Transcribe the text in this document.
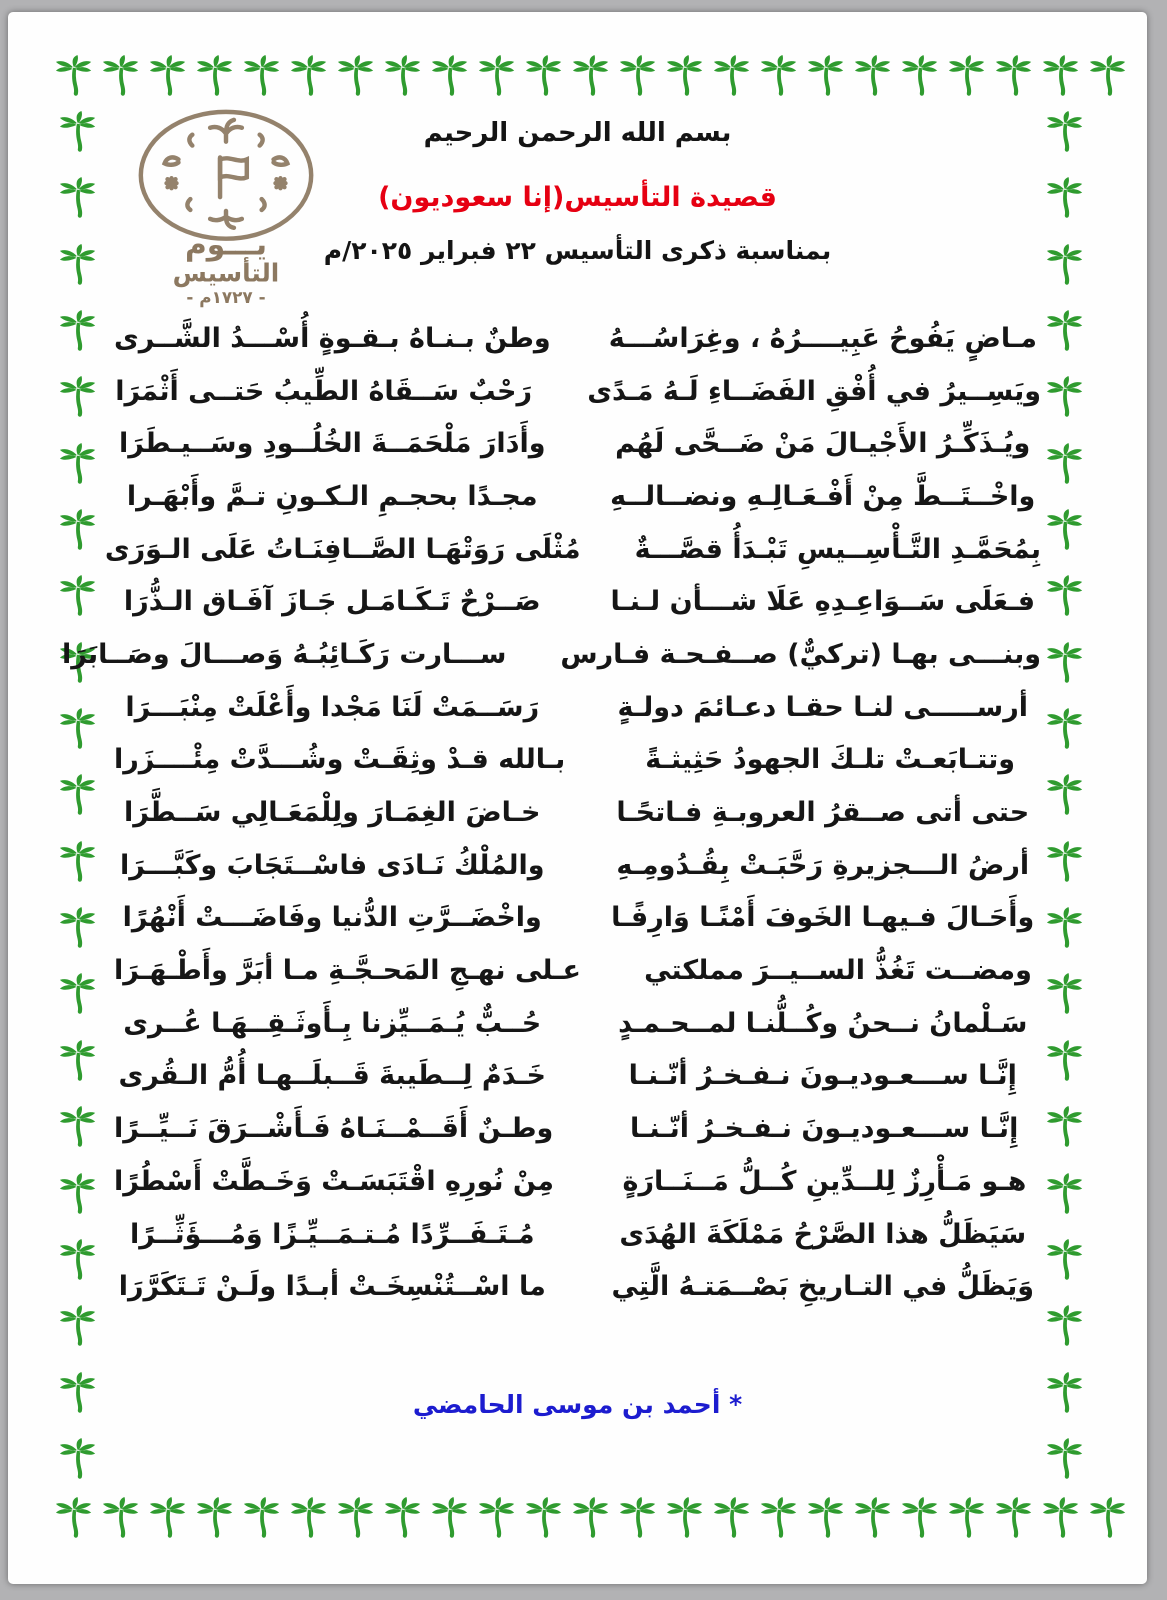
يـــوم
التأسيس
- ١٧٢٧م -
بسم الله الرحمن الرحيم
قصيدة التأسيس(إنا سعوديون)
بمناسبة ذكرى التأسيس ٢٢ فبراير ٢٠٢٥/م
مـاضٍ يَفُوحُ عَبِيــــرُهُ ، وغِرَاسُـــهُ
وطنٌ بـنـاهُ بـقـوةٍ أُسْـــدُ الشَّــرى
ويَسِــيرُ في أُفْقِ الفَضَــاءِ لَـهُ مَـدًى
رَحْبٌ سَــقَاهُ الطِّيبُ حَتــى أَثْمَرَا
ويُـذَكِّـرُ الأَجْيـالَ مَنْ ضَــحَّى لَهُم
وأَدَارَ مَلْحَمَــةَ الخُلُــودِ وسَــيـطَرَا
واخْــتَــطَّ مِنْ أَفْـعَـالِـهِ ونضــالــهِ
مجـدًا بحجـمِ الـكـونِ تـمَّ وأَبْهَـرا
بِمُحَمَّـدِ التَّـأْسِــيسِ تَبْـدَأُ قصَّـــةٌ
مُثْلَى رَوَتْهَـا الصَّــافِنَـاتُ عَلَى الـوَرَى
فـعَلَى سَــوَاعِـدِهِ عَلَا شـــأن لـنـا
صَــرْحٌ تَـكَـامَـل جَـازَ آفَـاق الـذُّرَا
وبنـــى بهـا (تركيٌّ) صــفـحـة فـارس
ســـارت رَكَـائِبُـهُ وَصـــالَ وصَــابَرَا
أرســـــى لنـا حقـا دعـائمَ دولـةٍ
رَسَــمَتْ لَنَا مَجْدا وأَعْلَتْ مِنْبَـــرَا
وتتـابَعـتْ تلـكَ الجهودُ حَثِيثـةً
بـالله قـدْ وثِقَـتْ وشُـــدَّتْ مِئْــــزَرا
حتى أتى صــقرُ العروبـةِ فـاتحًـا
خـاضَ الغِمَـارَ ولِلْمَعَـالِي سَــطَّرَا
أرضُ الـــجزيرةِ رَحَّبَـتْ بِقُـدُومِـهِ
والمُلْكُ نَـادَى فاسْــتَجَابَ وكَبَّـــرَا
وأَحَـالَ فـيهـا الخَوفَ أَمْنًـا وَارِفًـا
واخْضَــرَّتِ الدُّنيا وفَاضَـــتْ أَنْهُرًا
ومضــت تَغُذُّ الســيــرَ مملكتي
عـلى نهـجِ المَحـجَّـةِ مـا أبَرَّ وأَطْـهَـرَا
سَـلْمانُ نــحنُ وكُــلُّنـا لمــحـمـدٍ
حُــبٌّ يُـمَــيِّزنا بِـأَوثَـقِــهَـا عُــرى
إِنَّـا ســـعـوديـونَ نـفـخـرُ أنّـنـا
خَـدَمٌ لِــطَيبةَ قَــبلَــهـا أُمُّ الـقُرى
إِنَّـا ســـعـوديـونَ نـفـخـرُ أنّـنـا
وطـنٌ أَقَــمْــنَـاهُ فَـأَشْــرَقَ نَــيِّــرًا
هـو مَـأْرِزٌ لِلــدِّينِ كُــلُّ مَــنَــارَةٍ
مِنْ نُورِهِ اقْتَبَسَـتْ وَخَـطَّتْ أَسْطُرًا
سَيَظَلُّ هذا الصَّرْحُ مَمْلَكَةَ الهُدَى
مُـتَـفَــرِّدًا مُـتـمَــيِّـزًا وَمُـــؤَثِّــرًا
وَيَظَلُّ في التـاريخِ بَصْــمَتـهُ الَّتِي
ما اسْــتُنْسِخَـتْ أبـدًا ولَـنْ تَـتَكَرَّرَا
* أحمد بن موسى الحامضي
